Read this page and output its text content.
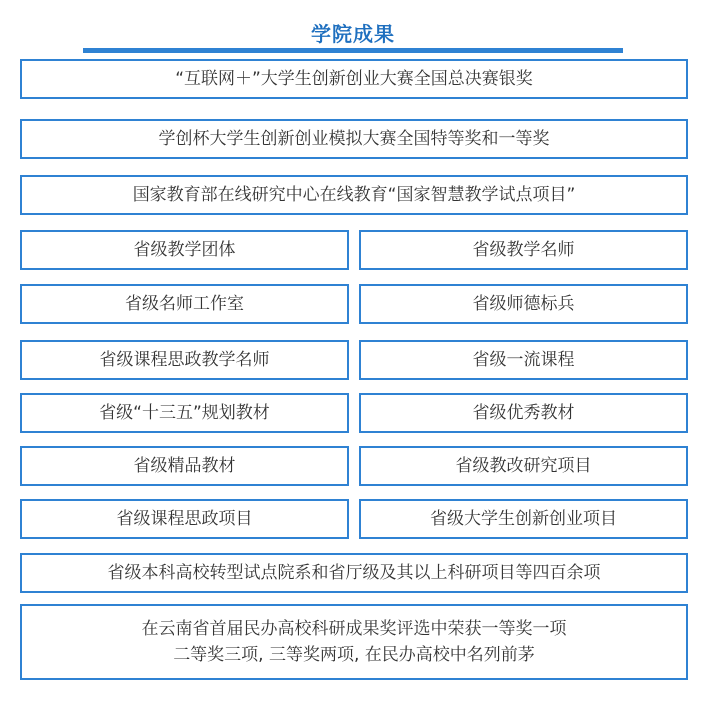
学院成果
“互联网＋”大学生创新创业大赛全国总决赛银奖
学创杯大学生创新创业模拟大赛全国特等奖和一等奖
国家教育部在线研究中心在线教育“国家智慧教学试点项目”
省级教学团体
省级名师工作室
省级课程思政教学名师
省级“十三五”规划教材
省级精品教材
省级课程思政项目
省级教学名师
省级师德标兵
省级一流课程
省级优秀教材
省级教改研究项目
省级大学生创新创业项目
省级本科高校转型试点院系和省厅级及其以上科研项目等四百余项
在云南省首届民办高校科研成果奖评选中荣获一等奖一项
二等奖三项, 三等奖两项, 在民办高校中名列前茅
